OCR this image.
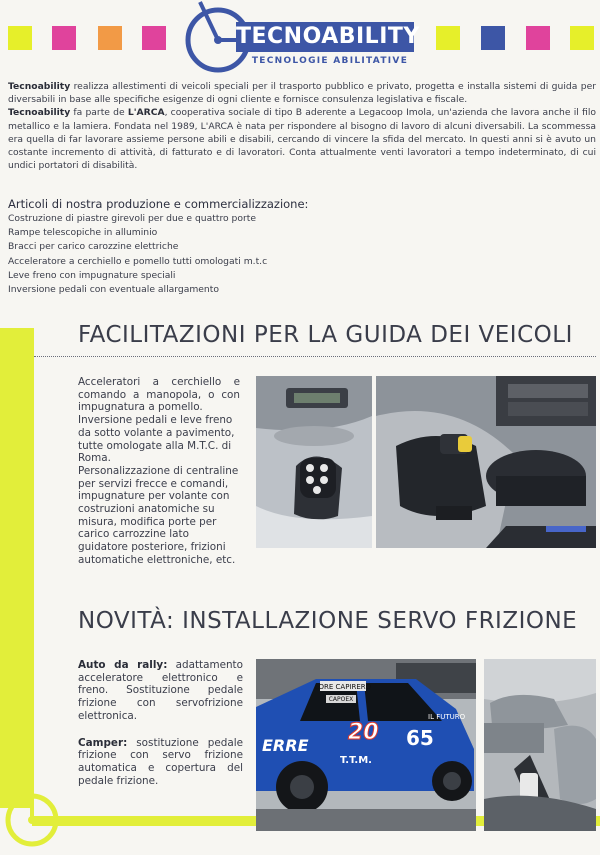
TECNOABILITY
TECNOLOGIE ABILITATIVE
Tecnoability realizza allestimenti di veicoli speciali per il trasporto pubblico e privato, progetta e installa sistemi di guida per diversabili in base alle specifiche esigenze di ogni cliente e fornisce consulenza legislativa e fiscale.
Tecnoability fa parte de L'ARCA, cooperativa sociale di tipo B aderente a Legacoop Imola, un'azienda che lavora anche il filo metallico e la lamiera. Fondata nel 1989, L'ARCA è nata per rispondere al bisogno di lavoro di alcuni diversabili. La scommessa era quella di far lavorare assieme persone abili e disabili, cercando di vincere la sfida del mercato. In questi anni si è avuto un costante incremento di attività, di fatturato e di lavoratori. Conta attualmente venti lavoratori a tempo indeterminato, di cui undici portatori di disabilità.
Articoli di nostra produzione e commercializzazione:
Costruzione di piastre girevoli per due e quattro porte
Rampe telescopiche in alluminio
Bracci per carico carozzine elettriche
Acceleratore a cerchiello e pomello tutti omologati m.t.c
Leve freno con impugnature speciali
Inversione pedali con eventuale allargamento
FACILITAZIONI PER LA GUIDA DEI VEICOLI

Acceleratori a cerchiello e comando a manopola, o con impugnatura a pomello.

Inversione pedali e leve freno da sotto volante a pavimento, tutte omologate alla M.T.C. di Roma.

Personalizzazione di centraline per servizi frecce e comandi, impugnature per volante con costruzioni anatomiche su misura, modifica porte per carico carrozzine lato guidatore posteriore, frizioni automatiche elettroniche, etc.

NOVITÀ: INSTALLAZIONE SERVO FRIZIONE

Auto da rally: adattamento acceleratore elettronico e freno. Sostituzione pedale frizione con servofrizione elettronica.

Camper: sostituzione pedale frizione con servo frizione automatica e copertura del pedale frizione.

LORE CAPIRERO
CAPOEX
IL FUTURO
20 65
ERRE
T.T.M.
